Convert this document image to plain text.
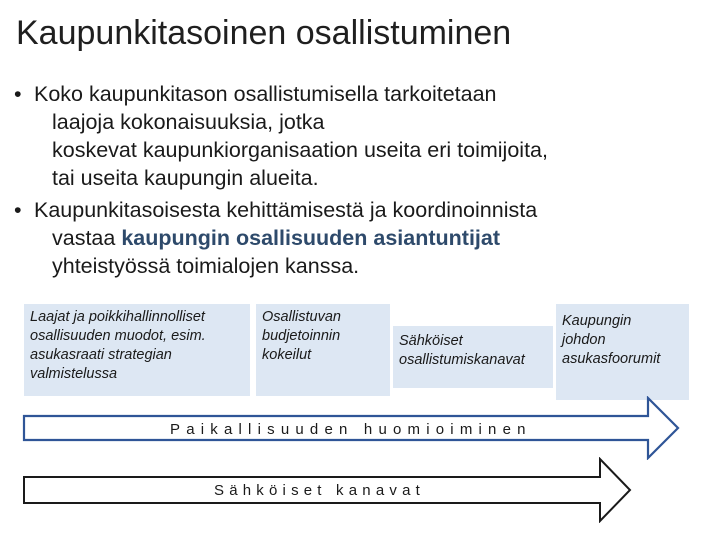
Kaupunkitasoinen osallistuminen
• Koko kaupunkitason osallistumisella tarkoitetaan
laajoja kokonaisuuksia, jotka
koskevat kaupunkiorganisaation useita eri toimijoita,
tai useita kaupungin alueita.
• Kaupunkitasoisesta kehittämisestä ja koordinoinnista
vastaa kaupungin osallisuuden asiantuntijat
yhteistyössä toimialojen kanssa.
Laajat ja poikkihallinnolliset
osallisuuden muodot, esim.
asukasraati strategian
valmistelussa
Osallistuvan
budjetoinnin
kokeilut
Sähköiset
osallistumiskanavat
Kaupungin
johdon
asukasfoorumit
Paikallisuuden huomioiminen
Sähköiset kanavat
